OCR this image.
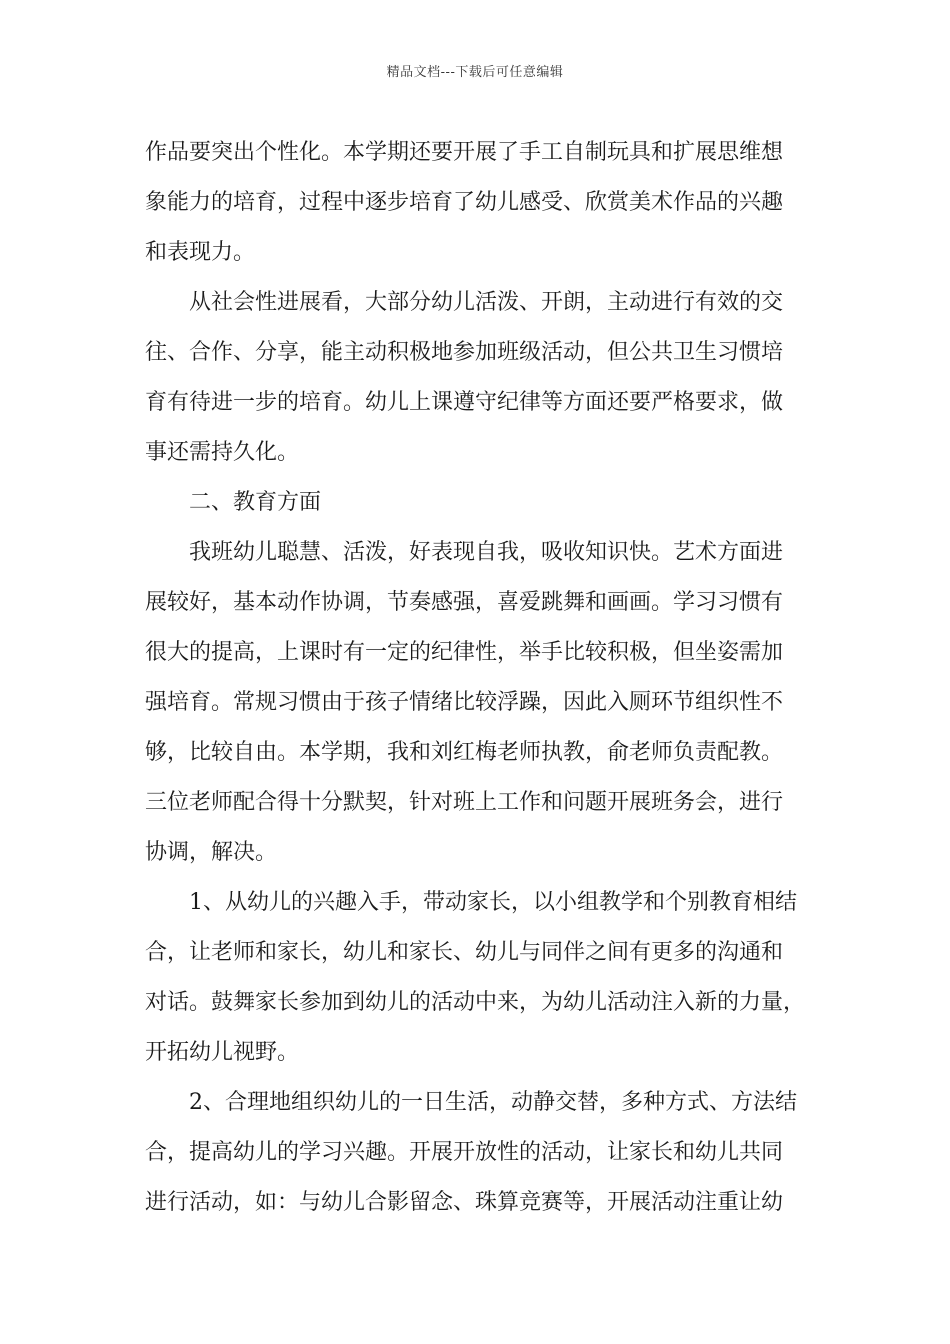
精品文档---下载后可任意编辑

作品要突出个性化。本学期还要开展了手工自制玩具和扩展思维想
象能力的培育，过程中逐步培育了幼儿感受、欣赏美术作品的兴趣
和表现力。

从社会性进展看，大部分幼儿活泼、开朗，主动进行有效的交
往、合作、分享，能主动积极地参加班级活动，但公共卫生习惯培
育有待进一步的培育。幼儿上课遵守纪律等方面还要严格要求，做
事还需持久化。

二、教育方面

我班幼儿聪慧、活泼，好表现自我，吸收知识快。艺术方面进
展较好，基本动作协调，节奏感强，喜爱跳舞和画画。学习习惯有
很大的提高，上课时有一定的纪律性，举手比较积极，但坐姿需加
强培育。常规习惯由于孩子情绪比较浮躁，因此入厕环节组织性不
够，比较自由。本学期，我和刘红梅老师执教，俞老师负责配教。
三位老师配合得十分默契，针对班上工作和问题开展班务会，进行
协调，解决。

1、从幼儿的兴趣入手，带动家长，以小组教学和个别教育相结
合，让老师和家长，幼儿和家长、幼儿与同伴之间有更多的沟通和
对话。鼓舞家长参加到幼儿的活动中来，为幼儿活动注入新的力量，
开拓幼儿视野。

2、合理地组织幼儿的一日生活，动静交替，多种方式、方法结
合，提高幼儿的学习兴趣。开展开放性的活动，让家长和幼儿共同
进行活动，如：与幼儿合影留念、珠算竞赛等，开展活动注重让幼
